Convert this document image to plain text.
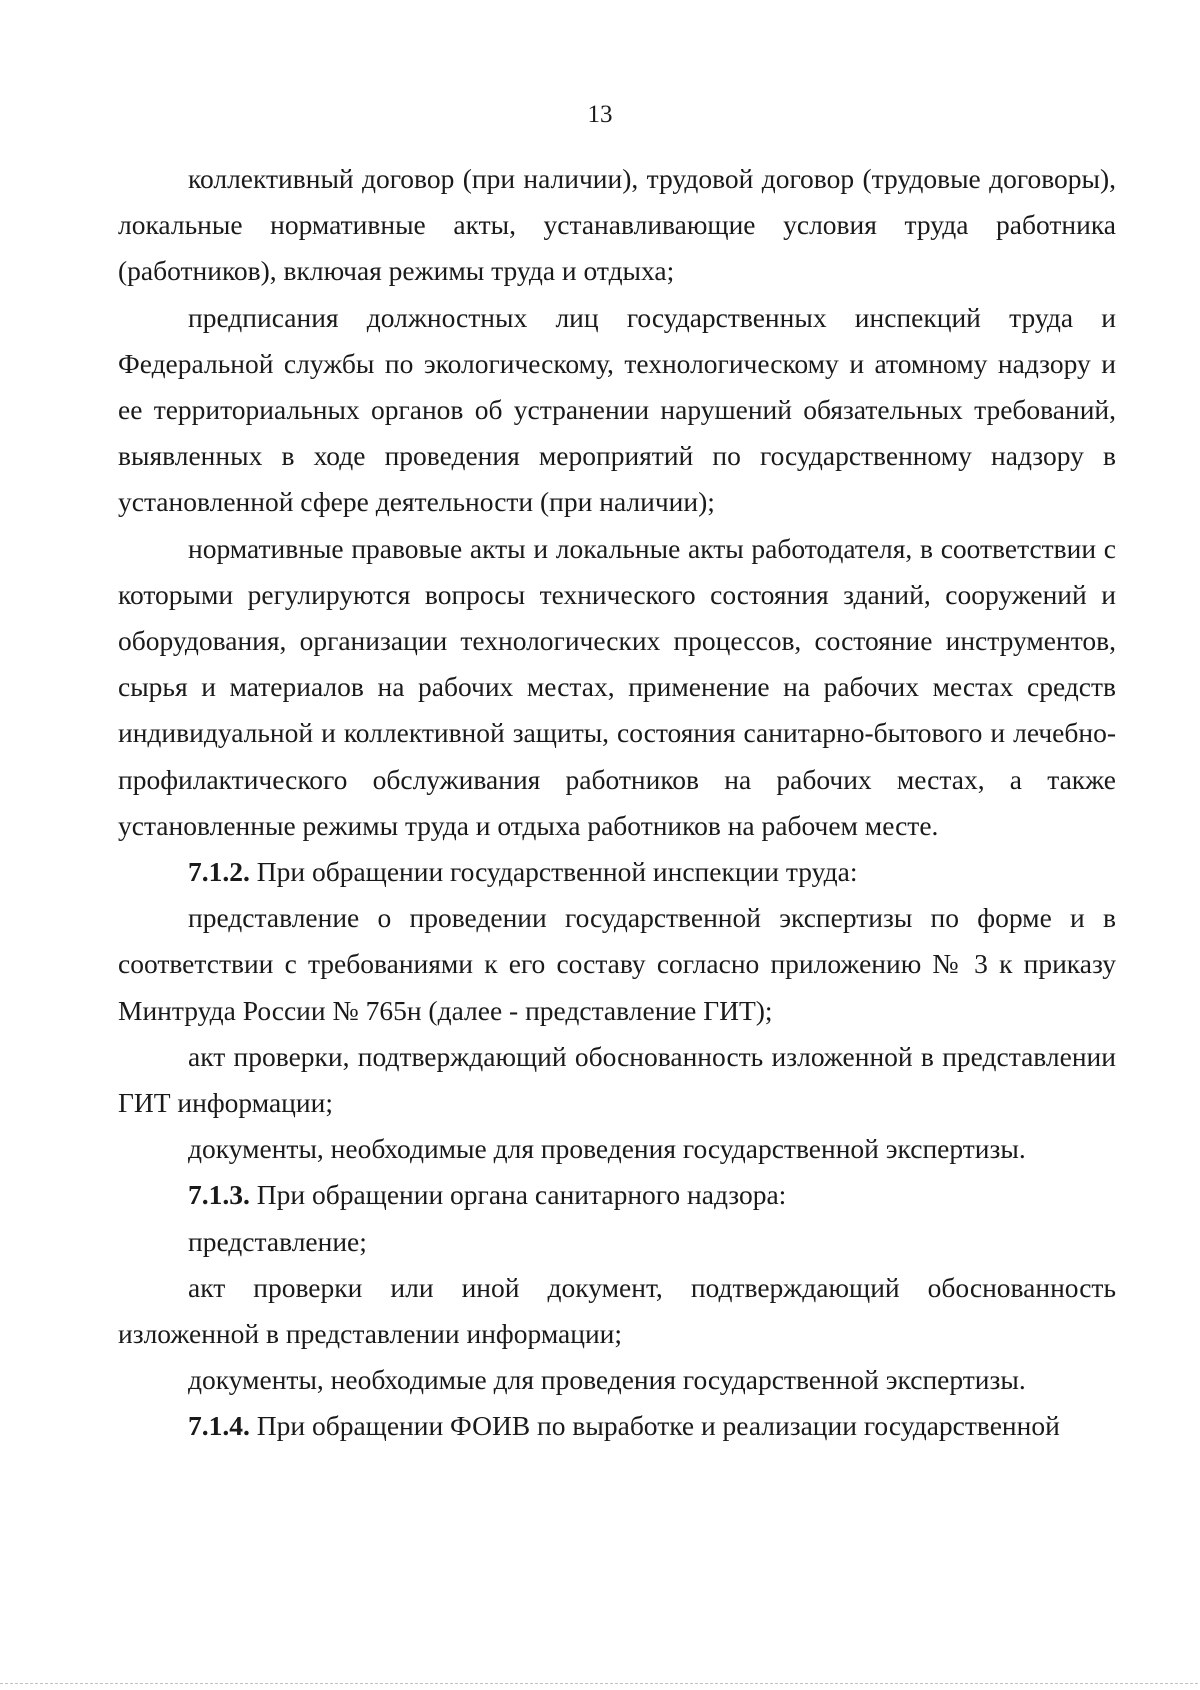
13

коллективный договор (при наличии), трудовой договор (трудовые договоры), локальные нормативные акты, устанавливающие условия труда работника (работников), включая режимы труда и отдыха;

предписания должностных лиц государственных инспекций труда и Федеральной службы по экологическому, технологическому и атомному надзору и ее территориальных органов об устранении нарушений обязательных требований, выявленных в ходе проведения мероприятий по государственному надзору в установленной сфере деятельности (при наличии);

нормативные правовые акты и локальные акты работодателя, в соответствии с которыми регулируются вопросы технического состояния зданий, сооружений и оборудования, организации технологических процессов, состояние инструментов, сырья и материалов на рабочих местах, применение на рабочих местах средств индивидуальной и коллективной защиты, состояния санитарно-бытового и лечебно-профилактического обслуживания работников на рабочих местах, а также установленные режимы труда и отдыха работников на рабочем месте.

7.1.2. При обращении государственной инспекции труда:

представление о проведении государственной экспертизы по форме и в соответствии с требованиями к его составу согласно приложению № 3 к приказу Минтруда России № 765н (далее - представление ГИТ);

акт проверки, подтверждающий обоснованность изложенной в представлении ГИТ информации;

документы, необходимые для проведения государственной экспертизы.

7.1.3. При обращении органа санитарного надзора:

представление;

акт проверки или иной документ, подтверждающий обоснованность изложенной в представлении информации;

документы, необходимые для проведения государственной экспертизы.

7.1.4. При обращении ФОИВ по выработке и реализации государственной
